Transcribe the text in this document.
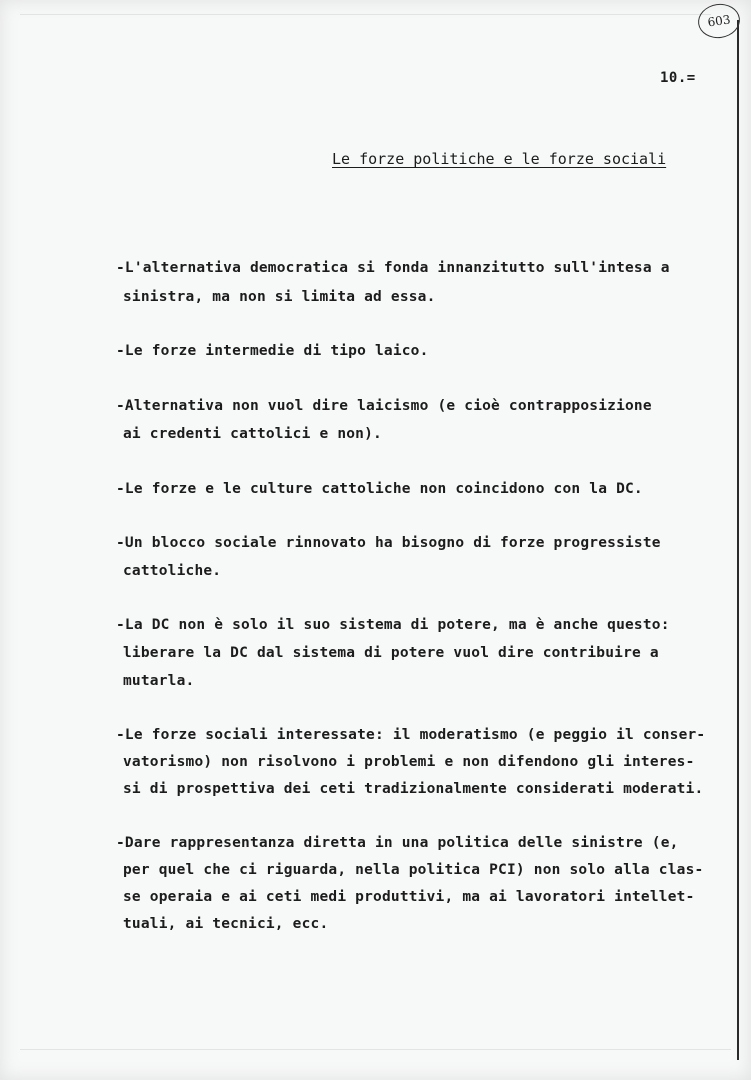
603
10.=
Le forze politiche e le forze sociali
-L'alternativa democratica si fonda innanzitutto sull'intesa a
sinistra, ma non si limita ad essa.
-Le forze intermedie di tipo laico.
-Alternativa non vuol dire laicismo (e cioè contrapposizione
ai credenti cattolici e non).
-Le forze e le culture cattoliche non coincidono con la DC.
-Un blocco sociale rinnovato ha bisogno di forze progressiste
cattoliche.
-La DC non è solo il suo sistema di potere, ma è anche questo:
liberare la DC dal sistema di potere vuol dire contribuire a
mutarla.
-Le forze sociali interessate: il moderatismo (e peggio il conser-
vatorismo) non risolvono i problemi e non difendono gli interes-
si di prospettiva dei ceti tradizionalmente considerati moderati.
-Dare rappresentanza diretta in una politica delle sinistre (e,
per quel che ci riguarda, nella politica PCI) non solo alla clas-
se operaia e ai ceti medi produttivi, ma ai lavoratori intellet-
tuali, ai tecnici, ecc.
